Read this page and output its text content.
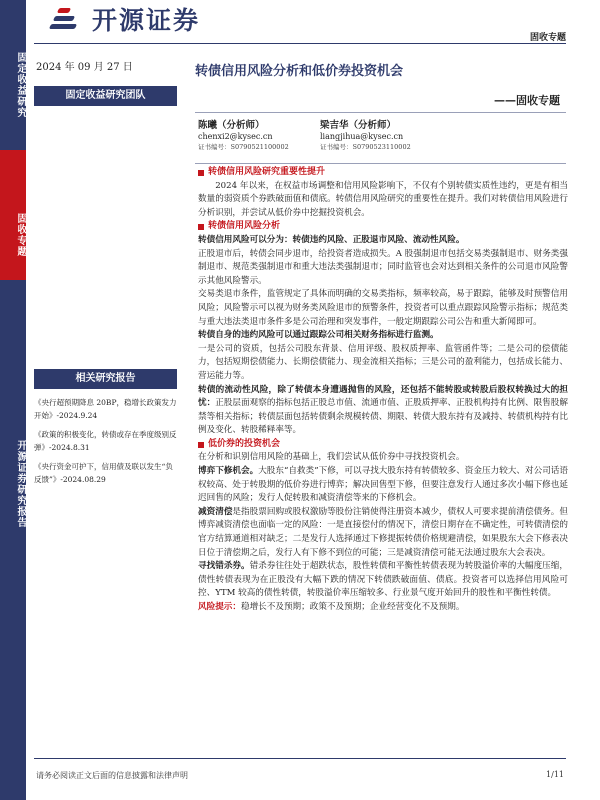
固定收益研究
固收专题
开源证券研究报告
开源证券
固收专题
2024 年 09 月 27 日
固定收益研究团队
转债信用风险分析和低价券投资机会
——固收专题
陈曦（分析师）
chenxi2@kysec.cn
证书编号：S0790521100002
梁吉华（分析师）
liangjihua@kysec.cn
证书编号：S0790523110002
相关研究报告
《央行超预期降息 20BP，稳增长政策发力开始》-2024.9.24
《政策的积极变化，转债或存在季度级别反弹》-2024.8.31
《央行资金可护下，信用债及联以发生“负反馈”》-2024.08.29
转债信用风险研究重要性提升

2024 年以来，在权益市场调整和信用风险影响下，不仅有个别转债实质性违约，更是有相当数量的弱资质个券跌破面值和债底。转债信用风险研究的重要性在提升。我们对转债信用风险进行分析识别，并尝试从低价券中挖掘投资机会。

转债信用风险分析

转债信用风险可以分为：转债违约风险、正股退市风险、流动性风险。

正股退市后，转债会同步退市，给投资者造成损失。A 股强制退市包括交易类强制退市、财务类强制退市、规范类强制退市和重大违法类强制退市；同时监管也会对达到相关条件的公司退市风险警示其他风险警示。

交易类退市条件，监管规定了具体而明确的交易类指标，频率较高，易于跟踪，能够及时预警信用风险；风险警示可以视为财务类风险退市的预警条件，投资者可以重点跟踪风险警示指标；规范类与重大违法类退市条件多是公司治理和突发事件，一般定期跟踪公司公告和重大新闻即可。

转债自身的违约风险可以通过跟踪公司相关财务指标进行监测。

一是公司的资质，包括公司股东背景、信用评级、股权质押率、监管函件等；二是公司的偿债能力，包括短期偿债能力、长期偿债能力、现金流相关指标；三是公司的盈利能力，包括成长能力、营运能力等。

转债的流动性风险，除了转债本身遭遇抛售的风险，还包括不能转股或转股后股权转换过大的担忧：正股层面观察的指标包括正股总市值、流通市值、正股质押率、正股机构持有比例、限售股解禁等相关指标；转债层面包括转债剩余规模转债、期限、转债大股东持有及减持、转债机构持有比例及变化、转股稀释率等。

低价券的投资机会

在分析和识别信用风险的基础上，我们尝试从低价券中寻找投资机会。

博弈下修机会。大股东“自救类”下修，可以寻找大股东持有转债较多、资金压力较大、对公司话语权较高、处于转股期的低价券进行博弈；解决回售型下修，但要注意发行人通过多次小幅下修也延迟回售的风险；发行人促转股和减资清偿等来的下修机会。

减资清偿是指股票回购或股权激励等股份注销使得注册资本减少，债权人可要求提前清偿债务。但博弈减资清偿也面临一定的风险：一是直接偿付的情况下，清偿日期存在不确定性，可转债清偿的官方结算通道相对缺乏；二是发行人选择通过下修提振转债价格规避清偿，如果股东大会下修表决日位于清偿期之后，发行人有下修不到位的可能；三是减资清偿可能无法通过股东大会表决。

寻找错杀券。错杀券往往处于超跌状态，股性转债和平衡性转债表现为转股溢价率的大幅度压缩，债性转债表现为在正股没有大幅下跌的情况下转债跌破面值、债底。投资者可以选择信用风险可控、YTM 较高的债性转债，转股溢价率压缩较多、行业景气度开始回升的股性和平衡性转债。

风险提示：稳增长不及预期；政策不及预期；企业经营变化不及预期。

请务必阅读正文后面的信息披露和法律声明	1/11
